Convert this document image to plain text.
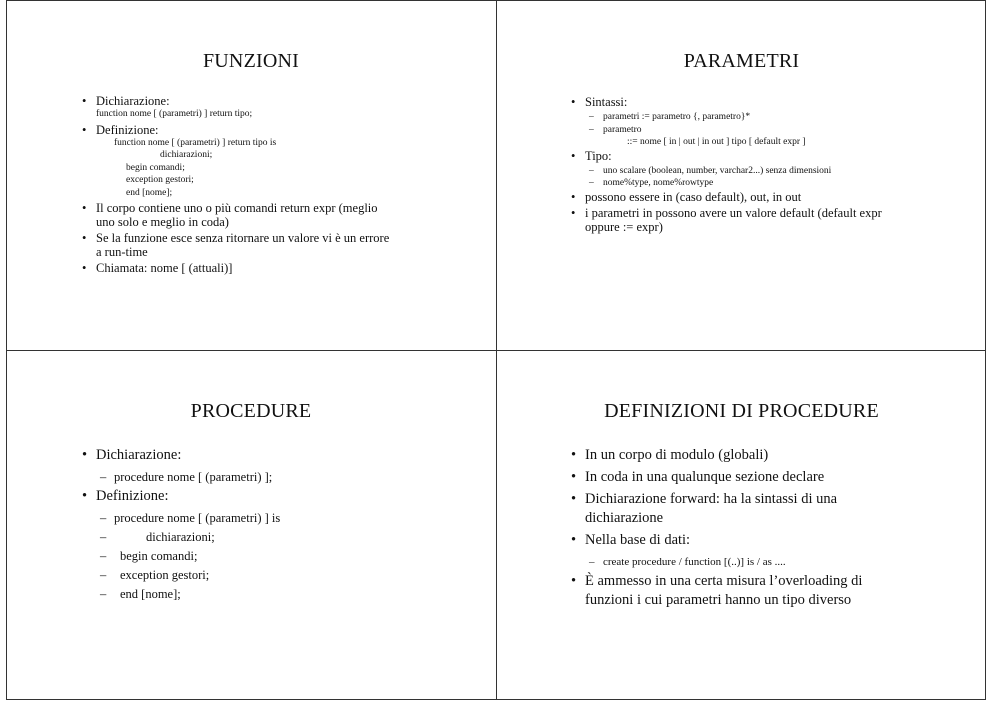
FUNZIONI
• Dichiarazione:
function nome [ (parametri) ] return tipo;
• Definizione:
function nome [ (parametri) ] return tipo is
dichiarazioni;
begin comandi;
exception gestori;
end [nome];
• Il corpo contiene uno o più comandi return expr (meglio
uno solo e meglio in coda)
• Se la funzione esce senza ritornare un valore vi è un errore
a run-time
• Chiamata: nome [ (attuali)]
PARAMETRI
• Sintassi:
– parametri := parametro {, parametro}*
– parametro
::= nome [ in | out | in out ] tipo [ default expr ]
• Tipo:
– uno scalare (boolean, number, varchar2...) senza dimensioni
– nome%type, nome%rowtype
• possono essere in (caso default), out, in out
• i parametri in possono avere un valore default (default expr
oppure := expr)
PROCEDURE
• Dichiarazione:
– procedure nome [ (parametri) ];
• Definizione:
– procedure nome [ (parametri) ] is
– dichiarazioni;
– begin comandi;
– exception gestori;
– end [nome];
DEFINIZIONI DI PROCEDURE
• In un corpo di modulo (globali)
• In coda in una qualunque sezione declare
• Dichiarazione forward: ha la sintassi di una
dichiarazione
• Nella base di dati:
– create procedure / function [(..)] is / as ....
• È ammesso in una certa misura l’overloading di
funzioni i cui parametri hanno un tipo diverso
